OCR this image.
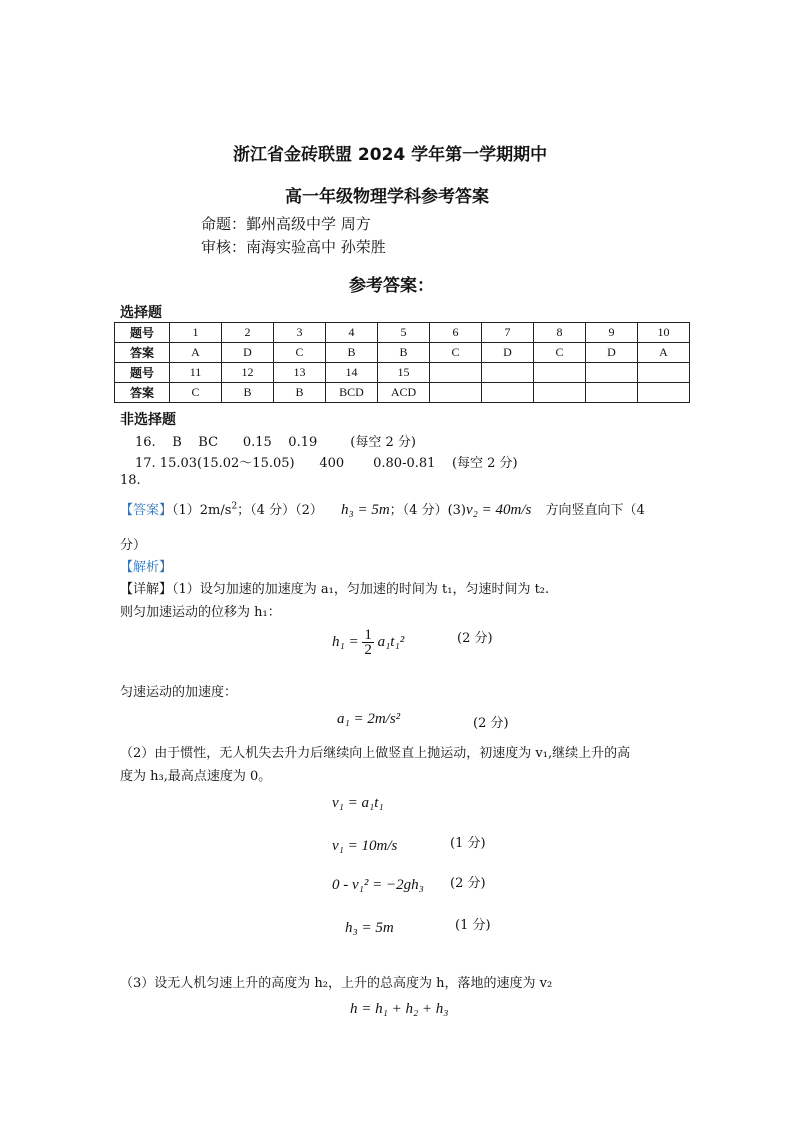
浙江省金砖联盟 2024 学年第一学期期中
高一年级物理学科参考答案
命题：鄞州高级中学 周方
审核：南海实验高中 孙荣胜
参考答案：
选择题
题号	1	2	3	4	5	6	7	8	9	10
答案	A	D	C	B	B	C	D	C	D	A
题号	11	12	13	14	15					
答案	C	B	B	BCD	ACD					
非选择题
16.    B    BC      0.15    0.19        (每空 2 分)
17. 15.03(15.02～15.05)      400       0.80-0.81    (每空 2 分)
18.
【答案】$(1)2m/s^2$；（4 分）（2） h₃ = 5m；（4 分）(3)v₂ = 40m/s 方向竖直向下（4
分）
【解析】
【详解】（1）设匀加速的加速度为 a₁，匀加速的时间为 t₁，匀速时间为 t₂.
则匀加速运动的位移为 h₁：
$h_1 = \frac{1}{2} a_1t_1^2$	(2 分)
匀速运动的加速度：
a₁ = 2m/s²	(2 分)
（2）由于惯性，无人机失去升力后继续向上做竖直上抛运动，初速度为 v₁,继续上升的高
度为 h₃,最高点速度为 0。
v₁ = a₁t₁
v₁ = 10m/s	(1 分)
0 - v₁² = −2gh₃ (2 分)
h₃ = 5m	(1 分)
（3）设无人机匀速上升的高度为 h₂，上升的总高度为 h，落地的速度为 v₂
h = h₁ + h₂ + h₃
